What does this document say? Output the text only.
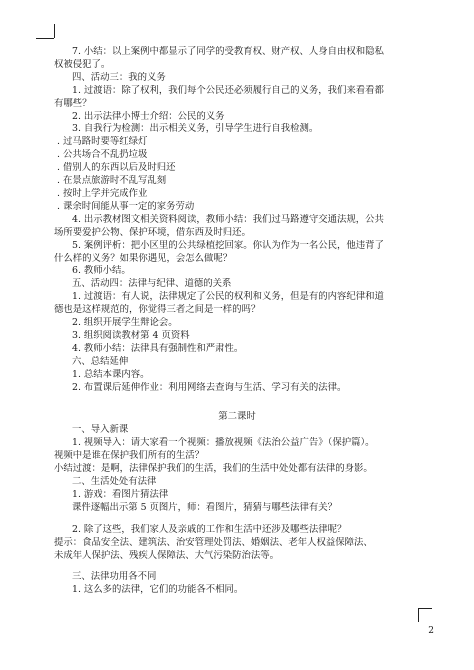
7. 小结：以上案例中都显示了同学的受教育权、财产权、人身自由权和隐私
权被侵犯了。
四、活动三：我的义务
1. 过渡语：除了权利，我们每个公民还必须履行自己的义务，我们来看看都
有哪些？
2. 出示法律小博士介绍：公民的义务
3. 自我行为检测：出示相关义务，引导学生进行自我检测。
. 过马路时要等红绿灯
. 公共场合不乱扔垃圾
. 借别人的东西以后及时归还
. 在景点旅游时不乱写乱刻
. 按时上学并完成作业
. 课余时间能从事一定的家务劳动
4. 出示教材图文相关资料阅读，教师小结：我们过马路遵守交通法规，公共
场所要爱护公物、保护环境，借东西及时归还。
5. 案例评析：把小区里的公共绿植挖回家。你认为作为一名公民，他违背了
什么样的义务？如果你遇见，会怎么做呢？
6. 教师小结。
五、活动四：法律与纪律、道德的关系
1. 过渡语：有人说，法律规定了公民的权利和义务，但是有的内容纪律和道
德也是这样规范的，你觉得三者之间是一样的吗？
2. 组织开展学生辩论会。
3. 组织阅读教材第 4 页资料
4. 教师小结：法律具有强制性和严肃性。
六、总结延伸
1. 总结本课内容。
2. 布置课后延伸作业：利用网络去查询与生活、学习有关的法律。
第二课时
一、导入新课
1. 视频导入：请大家看一个视频：播放视频《法治公益广告》（保护篇）。
视频中是谁在保护我们所有的生活？
小结过渡：是啊，法律保护我们的生活，我们的生活中处处都有法律的身影。
二、生活处处有法律
1. 游戏：看图片猜法律
课件逐幅出示第 5 页图片，师：看图片，猜猜与哪些法律有关？
2. 除了这些，我们家人及亲戚的工作和生活中还涉及哪些法律呢？
提示：食品安全法、建筑法、治安管理处罚法、婚姻法、老年人权益保障法、
未成年人保护法、残疾人保障法、大气污染防治法等。
三、法律功用各不同
1. 这么多的法律，它们的功能各不相同。
2
